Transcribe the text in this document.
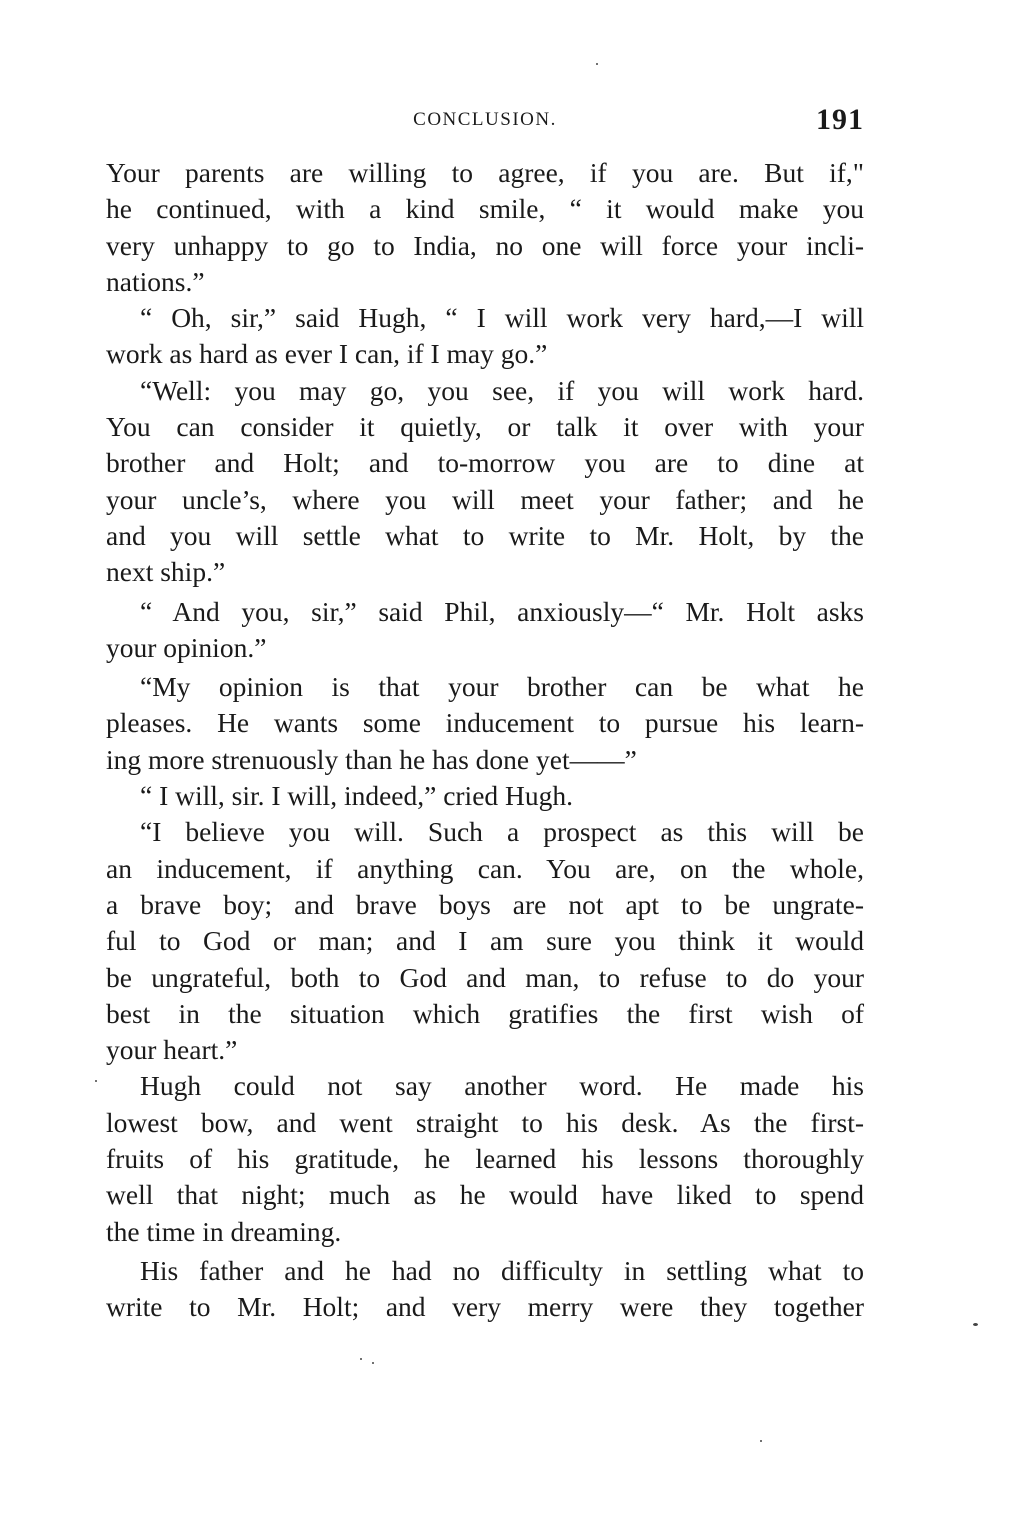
CONCLUSION.	191
Your parents are willing to agree, if you are. But if,"
he continued, with a kind smile, “ it would make you
very unhappy to go to India, no one will force your incli-
nations.”
“ Oh, sir,” said Hugh, “ I will work very hard,—I will
work as hard as ever I can, if I may go.”
“Well: you may go, you see, if you will work hard.
You can consider it quietly, or talk it over with your
brother and Holt; and to-morrow you are to dine at
your uncle’s, where you will meet your father; and he
and you will settle what to write to Mr. Holt, by the
next ship.”
“ And you, sir,” said Phil, anxiously—“ Mr. Holt asks
your opinion.”
“My opinion is that your brother can be what he
pleases. He wants some inducement to pursue his learn-
ing more strenuously than he has done yet——”
“ I will, sir. I will, indeed,” cried Hugh.
“I believe you will. Such a prospect as this will be
an inducement, if anything can. You are, on the whole,
a brave boy; and brave boys are not apt to be ungrate-
ful to God or man; and I am sure you think it would
be ungrateful, both to God and man, to refuse to do your
best in the situation which gratifies the first wish of
your heart.”
Hugh could not say another word. He made his
lowest bow, and went straight to his desk. As the first-
fruits of his gratitude, he learned his lessons thoroughly
well that night; much as he would have liked to spend
the time in dreaming.
His father and he had no difficulty in settling what to
write to Mr. Holt; and very merry were they together
